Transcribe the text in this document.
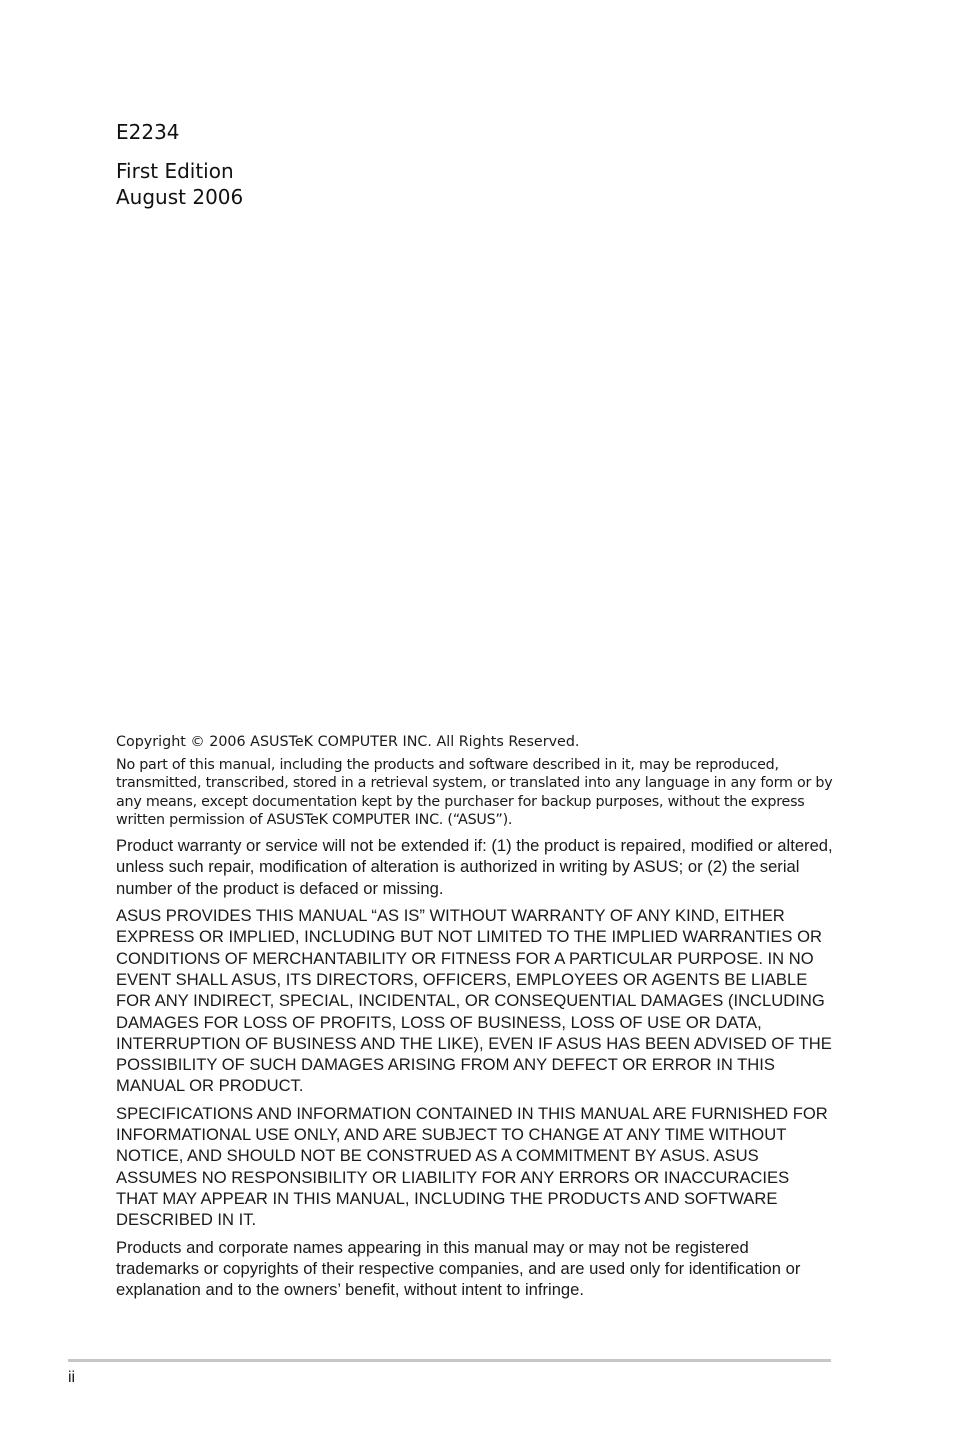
E2234

First Edition

August 2006

Copyright © 2006 ASUSTeK COMPUTER INC. All Rights Reserved.

No part of this manual, including the products and software described in it, may be reproduced, transmitted, transcribed, stored in a retrieval system, or translated into any language in any form or by any means, except documentation kept by the purchaser for backup purposes, without the express written permission of ASUSTeK COMPUTER INC. (“ASUS”).

Product warranty or service will not be extended if: (1) the product is repaired, modified or altered, unless such repair, modification of alteration is authorized in writing by ASUS; or (2) the serial number of the product is defaced or missing.

ASUS PROVIDES THIS MANUAL “AS IS” WITHOUT WARRANTY OF ANY KIND, EITHER EXPRESS OR IMPLIED, INCLUDING BUT NOT LIMITED TO THE IMPLIED WARRANTIES OR CONDITIONS OF MERCHANTABILITY OR FITNESS FOR A PARTICULAR PURPOSE. IN NO EVENT SHALL ASUS, ITS DIRECTORS, OFFICERS, EMPLOYEES OR AGENTS BE LIABLE FOR ANY INDIRECT, SPECIAL, INCIDENTAL, OR CONSEQUENTIAL DAMAGES (INCLUDING DAMAGES FOR LOSS OF PROFITS, LOSS OF BUSINESS, LOSS OF USE OR DATA, INTERRUPTION OF BUSINESS AND THE LIKE), EVEN IF ASUS HAS BEEN ADVISED OF THE POSSIBILITY OF SUCH DAMAGES ARISING FROM ANY DEFECT OR ERROR IN THIS MANUAL OR PRODUCT.

SPECIFICATIONS AND INFORMATION CONTAINED IN THIS MANUAL ARE FURNISHED FOR INFORMATIONAL USE ONLY, AND ARE SUBJECT TO CHANGE AT ANY TIME WITHOUT NOTICE, AND SHOULD NOT BE CONSTRUED AS A COMMITMENT BY ASUS. ASUS ASSUMES NO RESPONSIBILITY OR LIABILITY FOR ANY ERRORS OR INACCURACIES THAT MAY APPEAR IN THIS MANUAL, INCLUDING THE PRODUCTS AND SOFTWARE DESCRIBED IN IT.

Products and corporate names appearing in this manual may or may not be registered trademarks or copyrights of their respective companies, and are used only for identification or explanation and to the owners’ benefit, without intent to infringe.

ii
